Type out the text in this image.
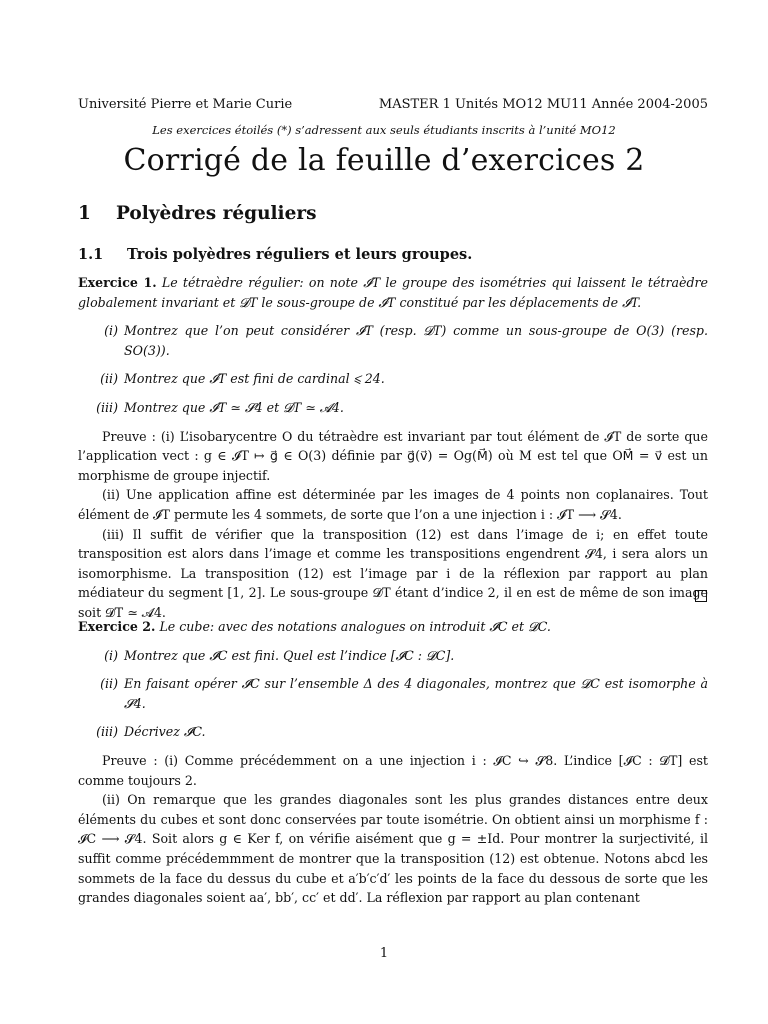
Université Pierre et Marie Curie	MASTER 1 Unités MO12 MU11 Année 2004-2005
Les exercices étoilés (*) s’adressent aux seuls étudiants inscrits à l’unité MO12
Corrigé de la feuille d’exercices 2
1 Polyèdres réguliers
1.1 Trois polyèdres réguliers et leurs groupes.

Exercice 1. Le tétraèdre régulier: on note 𝓘T le groupe des isométries qui laissent le tétraèdre globalement invariant et 𝓓T le sous-groupe de 𝓘T constitué par les déplacements de 𝓘T.

(i) Montrez que l’on peut considérer 𝓘T (resp. 𝓓T) comme un sous-groupe de O(3) (resp. SO(3)).
(ii) Montrez que 𝓘T est fini de cardinal ⩽ 24.
(iii) Montrez que 𝓘T ≃ 𝓢4 et 𝓓T ≃ 𝓐4.

Preuve : (i) L’isobarycentre O du tétraèdre est invariant par tout élément de 𝓘T de sorte que l’application vect : g ∈ 𝓘T ↦ g⃗ ∈ O(3) définie par g⃗(v⃗) = Og(M⃗) où M est tel que OM⃗ = v⃗ est un morphisme de groupe injectif.

(ii) Une application affine est déterminée par les images de 4 points non coplanaires. Tout élément de 𝓘T permute les 4 sommets, de sorte que l’on a une injection i : 𝓘T ⟶ 𝓢4.

(iii) Il suffit de vérifier que la transposition (12) est dans l’image de i; en effet toute transposition est alors dans l’image et comme les transpositions engendrent 𝓢4, i sera alors un isomorphisme. La transposition (12) est l’image par i de la réflexion par rapport au plan médiateur du segment [1, 2]. Le sous-groupe 𝓓T étant d’indice 2, il en est de même de son image soit 𝓓T ≃ 𝓐4.

Exercice 2. Le cube: avec des notations analogues on introduit 𝓘C et 𝓓C.

(i) Montrez que 𝓘C est fini. Quel est l’indice [𝓘C : 𝓓C].
(ii) En faisant opérer 𝓘C sur l’ensemble Δ des 4 diagonales, montrez que 𝓓C est isomorphe à 𝓢4.
(iii) Décrivez 𝓘C.

Preuve : (i) Comme précédemment on a une injection i : 𝓘C ↪ 𝓢8. L’indice [𝓘C : 𝓓T] est comme toujours 2.

(ii) On remarque que les grandes diagonales sont les plus grandes distances entre deux éléments du cubes et sont donc conservées par toute isométrie. On obtient ainsi un morphisme f : 𝓘C ⟶ 𝓢4. Soit alors g ∈ Ker f, on vérifie aisément que g = ±Id. Pour montrer la surjectivité, il suffit comme précédemmment de montrer que la transposition (12) est obtenue. Notons abcd les sommets de la face du dessus du cube et a′b′c′d′ les points de la face du dessous de sorte que les grandes diagonales soient aa′, bb′, cc′ et dd′. La réflexion par rapport au plan contenant

1
